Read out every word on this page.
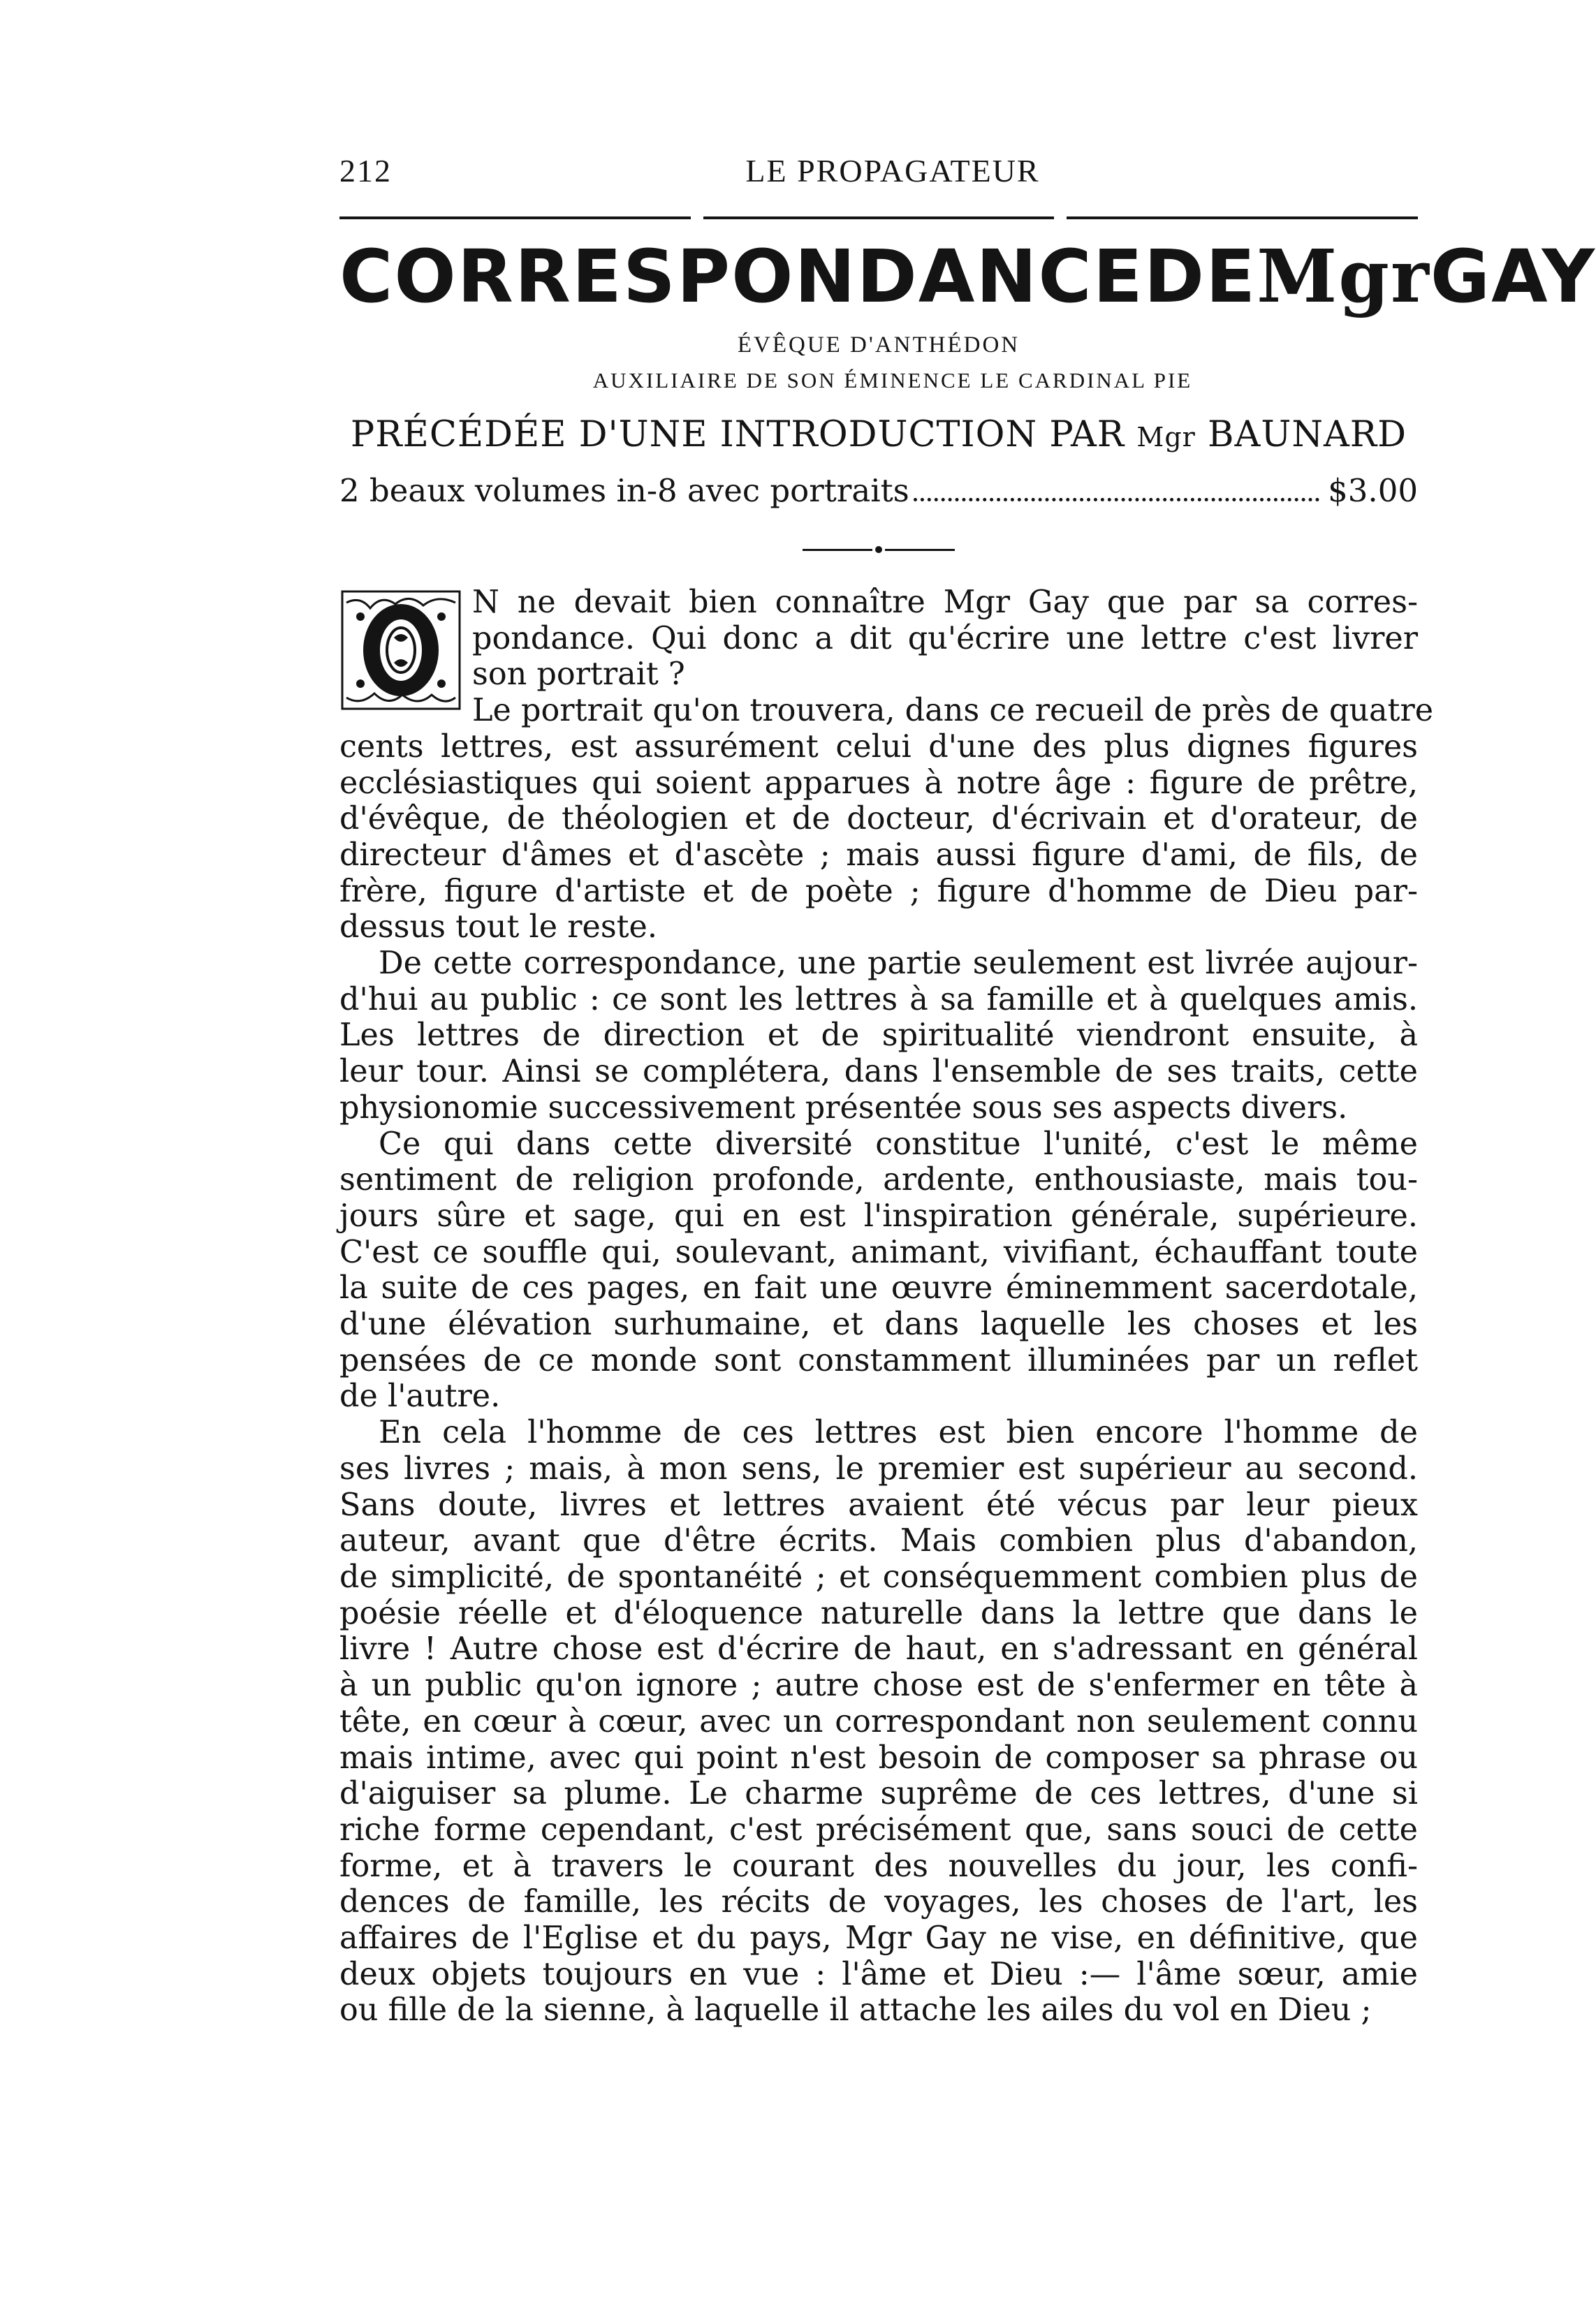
212	LE PROPAGATEUR
CORRESPONDANCE DE Mgr GAY
ÉVÊQUE D'ANTHÉDON
AUXILIAIRE DE SON ÉMINENCE LE CARDINAL PIE
PRÉCÉDÉE D'UNE INTRODUCTION PAR Mgr BAUNARD
2 beaux volumes in-8 avec portraits	$3.00
N ne devait bien connaître Mgr Gay que par sa corres-
pondance. Qui donc a dit qu'écrire une lettre c'est livrer
son portrait ?
Le portrait qu'on trouvera, dans ce recueil de près de quatre
cents lettres, est assurément celui d'une des plus dignes figures
ecclésiastiques qui soient apparues à notre âge : figure de prêtre,
d'évêque, de théologien et de docteur, d'écrivain et d'orateur, de
directeur d'âmes et d'ascète ; mais aussi figure d'ami, de fils, de
frère, figure d'artiste et de poète ; figure d'homme de Dieu par-
dessus tout le reste.
De cette correspondance, une partie seulement est livrée aujour-
d'hui au public : ce sont les lettres à sa famille et à quelques amis.
Les lettres de direction et de spiritualité viendront ensuite, à
leur tour. Ainsi se complétera, dans l'ensemble de ses traits, cette
physionomie successivement présentée sous ses aspects divers.
Ce qui dans cette diversité constitue l'unité, c'est le même
sentiment de religion profonde, ardente, enthousiaste, mais tou-
jours sûre et sage, qui en est l'inspiration générale, supérieure.
C'est ce souffle qui, soulevant, animant, vivifiant, échauffant toute
la suite de ces pages, en fait une œuvre éminemment sacerdotale,
d'une élévation surhumaine, et dans laquelle les choses et les
pensées de ce monde sont constamment illuminées par un reflet
de l'autre.
En cela l'homme de ces lettres est bien encore l'homme de
ses livres ; mais, à mon sens, le premier est supérieur au second.
Sans doute, livres et lettres avaient été vécus par leur pieux
auteur, avant que d'être écrits. Mais combien plus d'abandon,
de simplicité, de spontanéité ; et conséquemment combien plus de
poésie réelle et d'éloquence naturelle dans la lettre que dans le
livre ! Autre chose est d'écrire de haut, en s'adressant en général
à un public qu'on ignore ; autre chose est de s'enfermer en tête à
tête, en cœur à cœur, avec un correspondant non seulement connu
mais intime, avec qui point n'est besoin de composer sa phrase ou
d'aiguiser sa plume. Le charme suprême de ces lettres, d'une si
riche forme cependant, c'est précisément que, sans souci de cette
forme, et à travers le courant des nouvelles du jour, les confi-
dences de famille, les récits de voyages, les choses de l'art, les
affaires de l'Eglise et du pays, Mgr Gay ne vise, en définitive, que
deux objets toujours en vue : l'âme et Dieu :— l'âme sœur, amie
ou fille de la sienne, à laquelle il attache les ailes du vol en Dieu ;
